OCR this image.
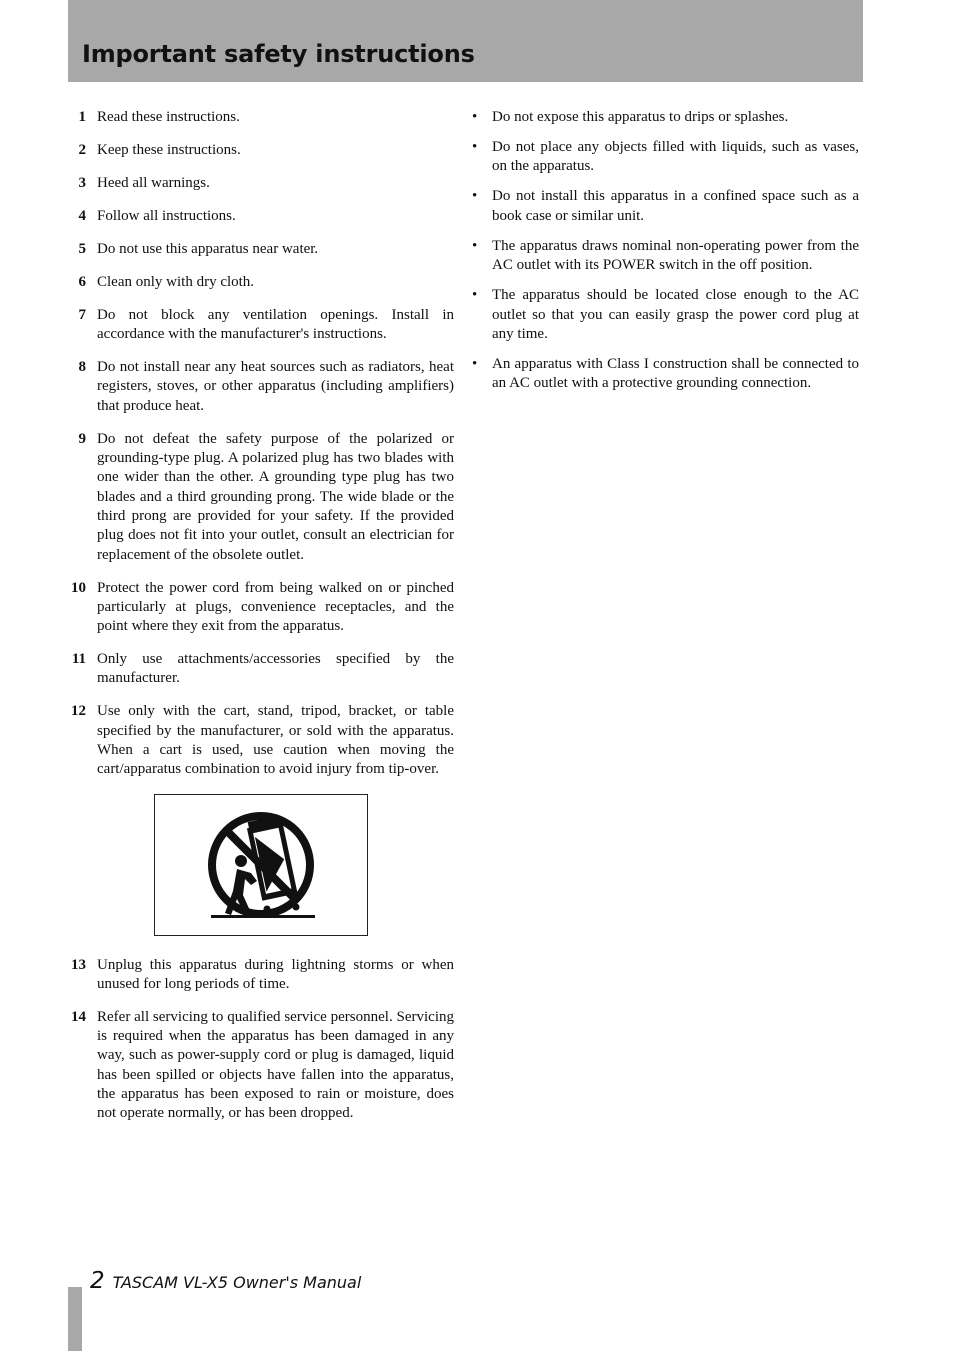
Important safety instructions
1 Read these instructions.
2 Keep these instructions.
3 Heed all warnings.
4 Follow all instructions.
5 Do not use this apparatus near water.
6 Clean only with dry cloth.
7 Do not block any ventilation openings. Install in accordance with the manufacturer's instructions.
8 Do not install near any heat sources such as radiators, heat registers, stoves, or other apparatus (including amplifiers) that produce heat.
9 Do not defeat the safety purpose of the polarized or grounding-type plug. A polarized plug has two blades with one wider than the other. A grounding type plug has two blades and a third grounding prong. The wide blade or the third prong are provided for your safety. If the provided plug does not fit into your outlet, consult an electrician for replacement of the obsolete outlet.
10 Protect the power cord from being walked on or pinched particularly at plugs, convenience receptacles, and the point where they exit from the apparatus.
11 Only use attachments/accessories specified by the manufacturer.
12 Use only with the cart, stand, tripod, bracket, or table specified by the manufacturer, or sold with the apparatus. When a cart is used, use caution when moving the cart/apparatus combination to avoid injury from tip-over.
13 Unplug this apparatus during lightning storms or when unused for long periods of time.
14 Refer all servicing to qualified service personnel. Servicing is required when the apparatus has been damaged in any way, such as power-supply cord or plug is damaged, liquid has been spilled or objects have fallen into the apparatus, the apparatus has been exposed to rain or moisture, does not operate normally, or has been dropped.
• Do not expose this apparatus to drips or splashes.
• Do not place any objects filled with liquids, such as vases, on the apparatus.
• Do not install this apparatus in a confined space such as a book case or similar unit.
• The apparatus draws nominal non-operating power from the AC outlet with its POWER switch in the off position.
• The apparatus should be located close enough to the AC outlet so that you can easily grasp the power cord plug at any time.
• An apparatus with Class I construction shall be connected to an AC outlet with a protective grounding connection.
2 TASCAM VL-X5 Owner's Manual
